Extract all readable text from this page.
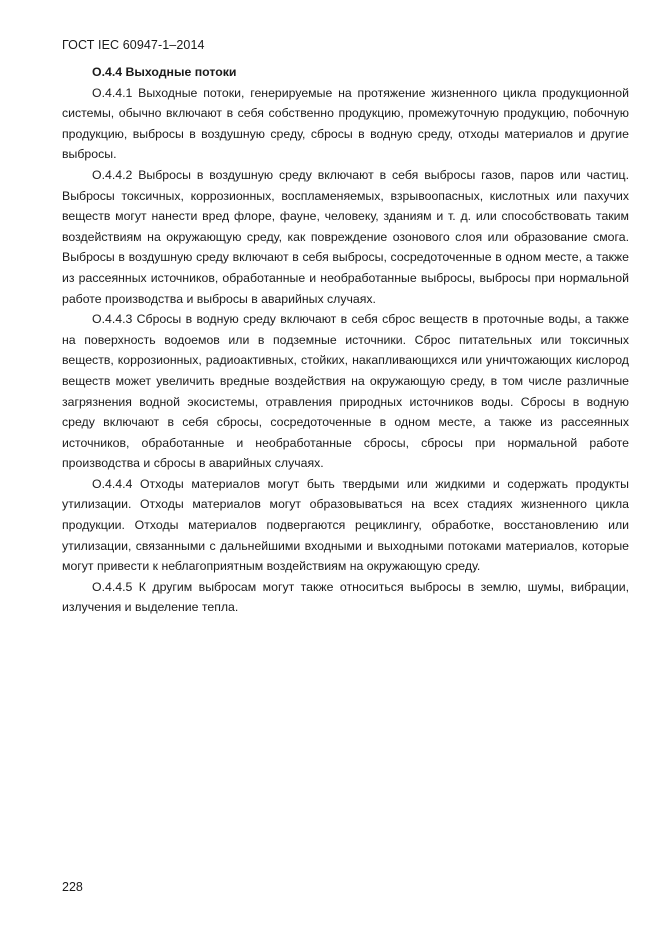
ГОСТ IEC 60947-1–2014

О.4.4 Выходные потоки

О.4.4.1 Выходные потоки, генерируемые на протяжение жизненного цикла продукционной системы, обычно включают в себя собственно продукцию, промежуточную продукцию, побочную продукцию, выбросы в воздушную среду, сбросы в водную среду, отходы материалов и другие выбросы.

О.4.4.2 Выбросы в воздушную среду включают в себя выбросы газов, паров или частиц. Выбросы токсичных, коррозионных, воспламеняемых, взрывоопасных, кислотных или пахучих веществ могут нанести вред флоре, фауне, человеку, зданиям и т. д. или способствовать таким воздействиям на окружающую среду, как повреждение озонового слоя или образование смога. Выбросы в воздушную среду включают в себя выбросы, сосредоточенные в одном месте, а также из рассеянных источников, обработанные и необработанные выбросы, выбросы при нормальной работе производства и выбросы в аварийных случаях.

О.4.4.3 Сбросы в водную среду включают в себя сброс веществ в проточные воды, а также на поверхность водоемов или в подземные источники. Сброс питательных или токсичных веществ, коррозионных, радиоактивных, стойких, накапливающихся или уничтожающих кислород веществ может увеличить вредные воздействия на окружающую среду, в том числе различные загрязнения водной экосистемы, отравления природных источников воды. Сбросы в водную среду включают в себя сбросы, сосредоточенные в одном месте, а также из рассеянных источников, обработанные и необработанные сбросы, сбросы при нормальной работе производства и сбросы в аварийных случаях.

О.4.4.4 Отходы материалов могут быть твердыми или жидкими и содержать продукты утилизации. Отходы материалов могут образовываться на всех стадиях жизненного цикла продукции. Отходы материалов подвергаются рециклингу, обработке, восстановлению или утилизации, связанными с дальнейшими входными и выходными потоками материалов, которые могут привести к неблагоприятным воздействиям на окружающую среду.

О.4.4.5 К другим выбросам могут также относиться выбросы в землю, шумы, вибрации, излучения и выделение тепла.

228
